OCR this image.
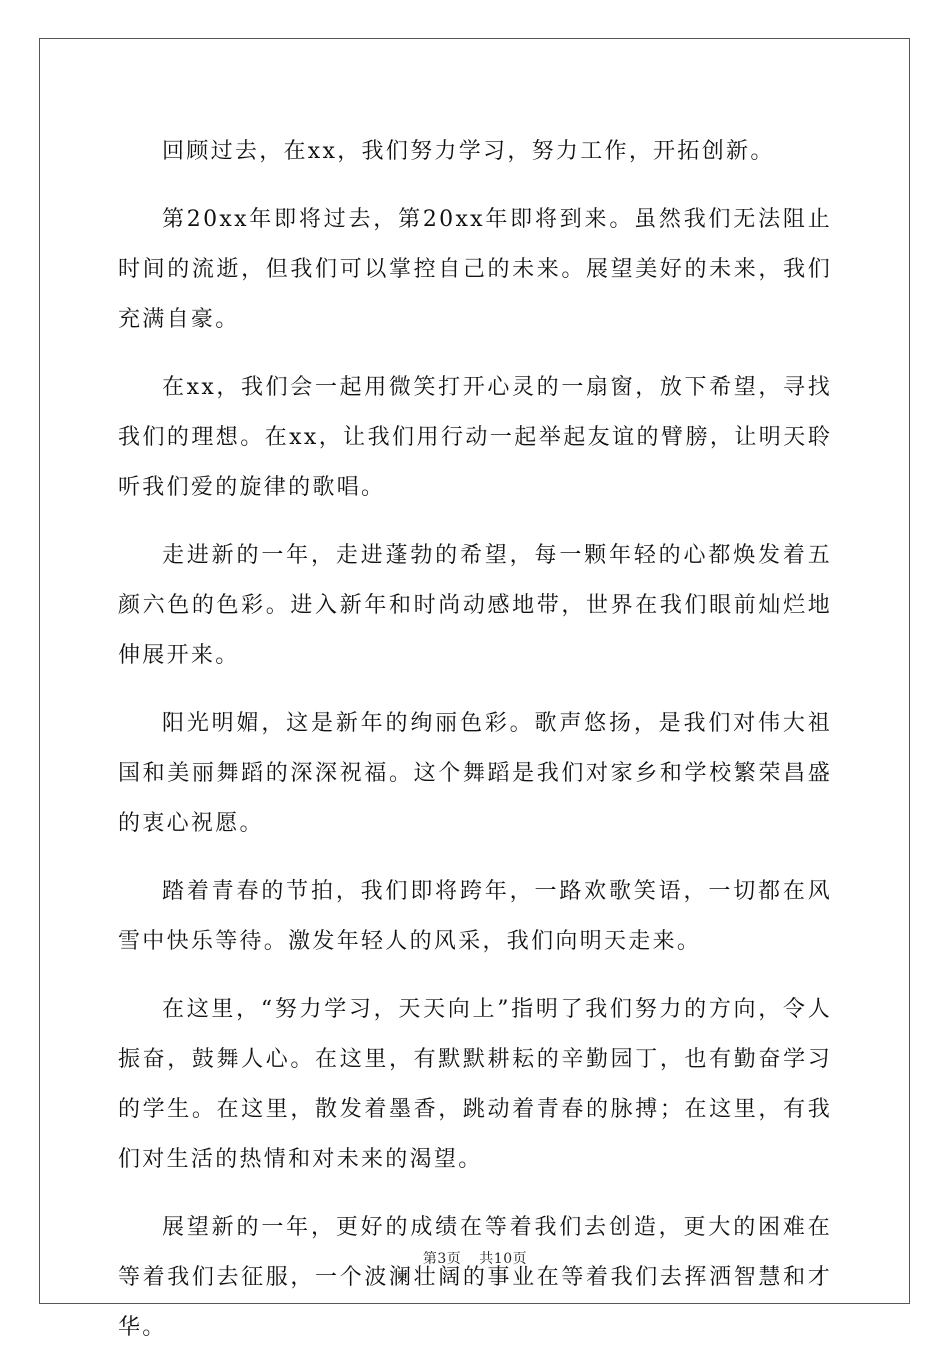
回顾过去，在xx，我们努力学习，努力工作，开拓创新。

第20xx年即将过去，第20xx年即将到来。虽然我们无法阻止时间的流逝，但我们可以掌控自己的未来。展望美好的未来，我们充满自豪。

在xx，我们会一起用微笑打开心灵的一扇窗，放下希望，寻找我们的理想。在xx，让我们用行动一起举起友谊的臂膀，让明天聆听我们爱的旋律的歌唱。

走进新的一年，走进蓬勃的希望，每一颗年轻的心都焕发着五颜六色的色彩。进入新年和时尚动感地带，世界在我们眼前灿烂地伸展开来。

阳光明媚，这是新年的绚丽色彩。歌声悠扬，是我们对伟大祖国和美丽舞蹈的深深祝福。这个舞蹈是我们对家乡和学校繁荣昌盛的衷心祝愿。

踏着青春的节拍，我们即将跨年，一路欢歌笑语，一切都在风雪中快乐等待。激发年轻人的风采，我们向明天走来。

在这里，“努力学习，天天向上”指明了我们努力的方向，令人振奋，鼓舞人心。在这里，有默默耕耘的辛勤园丁，也有勤奋学习的学生。在这里，散发着墨香，跳动着青春的脉搏；在这里，有我们对生活的热情和对未来的渴望。

展望新的一年，更好的成绩在等着我们去创造，更大的困难在等着我们去征服，一个波澜壮阔的事业在等着我们去挥洒智慧和才华。

第3页 共10页
